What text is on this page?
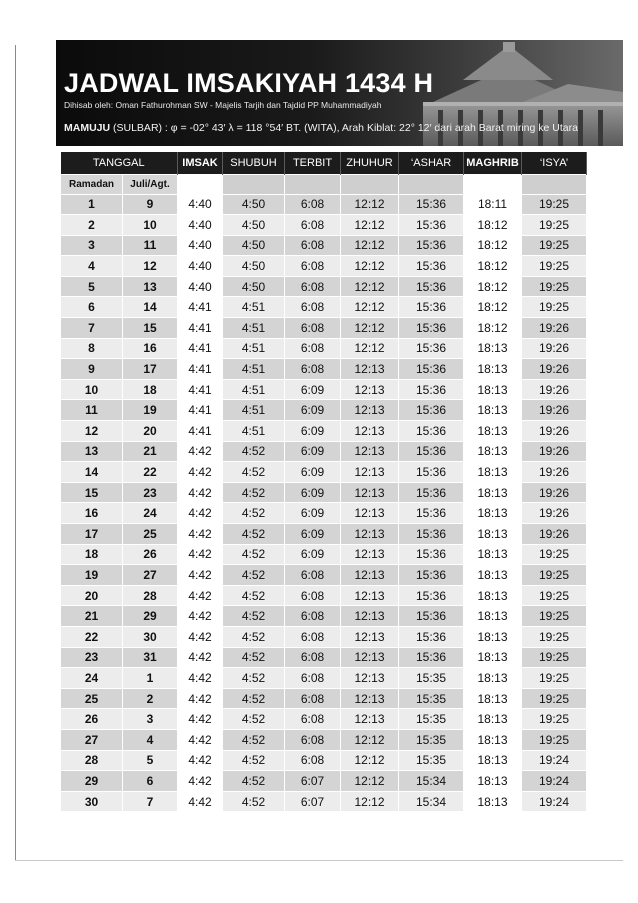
JADWAL IMSAKIYAH 1434 H
Dihisab oleh: Oman Fathurohman SW - Majelis Tarjih dan Tajdid PP Muhammadiyah
MAMUJU (SULBAR) : φ = -02° 43′ λ = 118 °54′ BT. (WITA), Arah Kiblat: 22° 12′ dari arah Barat miring ke Utara
TANGGAL		IMSAK	SHUBUH	TERBIT	ZHUHUR	‘ASHAR	MAGHRIB	‘ISYA’
Ramadan	Juli/Agt.							
1	9	4:40	4:50	6:08	12:12	15:36	18:11	19:25
2	10	4:40	4:50	6:08	12:12	15:36	18:12	19:25
3	11	4:40	4:50	6:08	12:12	15:36	18:12	19:25
4	12	4:40	4:50	6:08	12:12	15:36	18:12	19:25
5	13	4:40	4:50	6:08	12:12	15:36	18:12	19:25
6	14	4:41	4:51	6:08	12:12	15:36	18:12	19:25
7	15	4:41	4:51	6:08	12:12	15:36	18:12	19:26
8	16	4:41	4:51	6:08	12:12	15:36	18:13	19:26
9	17	4:41	4:51	6:08	12:13	15:36	18:13	19:26
10	18	4:41	4:51	6:09	12:13	15:36	18:13	19:26
11	19	4:41	4:51	6:09	12:13	15:36	18:13	19:26
12	20	4:41	4:51	6:09	12:13	15:36	18:13	19:26
13	21	4:42	4:52	6:09	12:13	15:36	18:13	19:26
14	22	4:42	4:52	6:09	12:13	15:36	18:13	19:26
15	23	4:42	4:52	6:09	12:13	15:36	18:13	19:26
16	24	4:42	4:52	6:09	12:13	15:36	18:13	19:26
17	25	4:42	4:52	6:09	12:13	15:36	18:13	19:26
18	26	4:42	4:52	6:09	12:13	15:36	18:13	19:25
19	27	4:42	4:52	6:08	12:13	15:36	18:13	19:25
20	28	4:42	4:52	6:08	12:13	15:36	18:13	19:25
21	29	4:42	4:52	6:08	12:13	15:36	18:13	19:25
22	30	4:42	4:52	6:08	12:13	15:36	18:13	19:25
23	31	4:42	4:52	6:08	12:13	15:36	18:13	19:25
24	1	4:42	4:52	6:08	12:13	15:35	18:13	19:25
25	2	4:42	4:52	6:08	12:13	15:35	18:13	19:25
26	3	4:42	4:52	6:08	12:13	15:35	18:13	19:25
27	4	4:42	4:52	6:08	12:12	15:35	18:13	19:25
28	5	4:42	4:52	6:08	12:12	15:35	18:13	19:24
29	6	4:42	4:52	6:07	12:12	15:34	18:13	19:24
30	7	4:42	4:52	6:07	12:12	15:34	18:13	19:24
